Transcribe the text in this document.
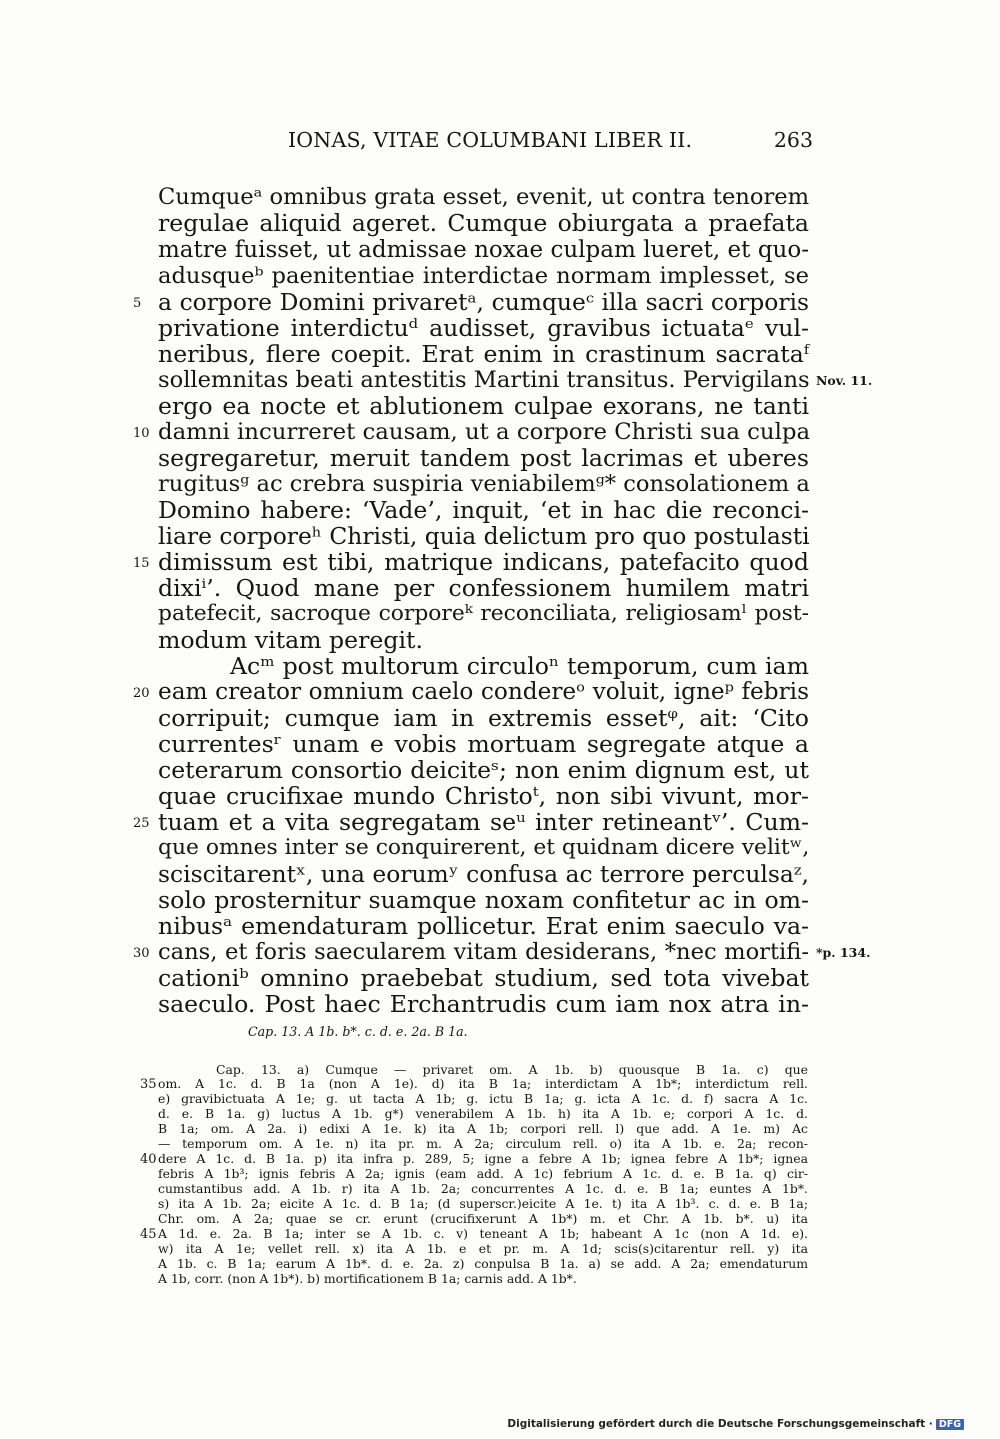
IONAS, VITAE COLUMBANI LIBER II.	263
Cumqueᵃ omnibus grata esset, evenit, ut contra tenorem
regulae aliquid ageret. Cumque obiurgata a praefata
matre fuisset, ut admissae noxae culpam lueret, et quo-
adusqueᵇ paenitentiae interdictae normam implesset, se
a corpore Domini privaretᵃ, cumqueᶜ illa sacri corporis
privatione interdictuᵈ audisset, gravibus ictuataᵉ vul-
neribus, flere coepit. Erat enim in crastinum sacrataᶠ
sollemnitas beati antestitis Martini transitus. Pervigilans
ergo ea nocte et ablutionem culpae exorans, ne tanti
damni incurreret causam, ut a corpore Christi sua culpa
segregaretur, meruit tandem post lacrimas et uberes
rugitusᵍ ac crebra suspiria veniabilemᵍ* consolationem a
Domino habere: ‘Vade’, inquit, ‘et in hac die reconci-
liare corporeʰ Christi, quia delictum pro quo postulasti
dimissum est tibi, matrique indicans, patefacito quod
dixiⁱ’. Quod mane per confessionem humilem matri
patefecit, sacroque corporeᵏ reconciliata, religiosamˡ post-
modum vitam peregit.
Acᵐ post multorum circuloⁿ temporum, cum iam
eam creator omnium caelo condereᵒ voluit, igneᵖ febris
corripuit; cumque iam in extremis essetᵠ, ait: ‘Cito
currentesʳ unam e vobis mortuam segregate atque a
ceterarum consortio deiciteˢ; non enim dignum est, ut
quae crucifixae mundo Christoᵗ, non sibi vivunt, mor-
tuam et a vita segregatam seᵘ inter retineantᵛ’. Cum-
que omnes inter se conquirerent, et quidnam dicere velitʷ,
sciscitarentˣ, una eorumʸ confusa ac terrore perculsaᶻ,
solo prosternitur suamque noxam confitetur ac in om-
nibusᵃ emendaturam pollicetur. Erat enim saeculo va-
cans, et foris saecularem vitam desiderans, *nec mortifi-
cationiᵇ omnino praebebat studium, sed tota vivebat
saeculo. Post haec Erchantrudis cum iam nox atra in-
5
10
15
20
25
30
Nov. 11.
*p. 134.
Cap. 13. A 1b. b*. c. d. e. 2a. B 1a.
Cap. 13. a) Cumque — privaret om. A 1b. b) quousque B 1a. c) que
om. A 1c. d. B 1a (non A 1e). d) ita B 1a; interdictam A 1b*; interdictum rell.
e) gravibictuata A 1e; g. ut tacta A 1b; g. ictu B 1a; g. icta A 1c. d. f) sacra A 1c.
d. e. B 1a. g) luctus A 1b. g*) venerabilem A 1b. h) ita A 1b. e; corpori A 1c. d.
B 1a; om. A 2a. i) edixi A 1e. k) ita A 1b; corpori rell. l) que add. A 1e. m) Ac
— temporum om. A 1e. n) ita pr. m. A 2a; circulum rell. o) ita A 1b. e. 2a; recon-
dere A 1c. d. B 1a. p) ita infra p. 289, 5; igne a febre A 1b; ignea febre A 1b*; ignea
febris A 1b³; ignis febris A 2a; ignis (eam add. A 1c) febrium A 1c. d. e. B 1a. q) cir-
cumstantibus add. A 1b. r) ita A 1b. 2a; concurrentes A 1c. d. e. B 1a; euntes A 1b*.
s) ita A 1b. 2a; eicite A 1c. d. B 1a; (d superscr.)eicite A 1e. t) ita A 1b³. c. d. e. B 1a;
Chr. om. A 2a; quae se cr. erunt (crucifixerunt A 1b*) m. et Chr. A 1b. b*. u) ita
A 1d. e. 2a. B 1a; inter se A 1b. c. v) teneant A 1b; habeant A 1c (non A 1d. e).
w) ita A 1e; vellet rell. x) ita A 1b. e et pr. m. A 1d; scis(s)citarentur rell. y) ita
A 1b. c. B 1a; earum A 1b*. d. e. 2a. z) conpulsa B 1a. a) se add. A 2a; emendaturum
A 1b, corr. (non A 1b*). b) mortificationem B 1a; carnis add. A 1b*.
35
40
45
Digitalisierung gefördert durch die Deutsche Forschungsgemeinschaft · DFG
